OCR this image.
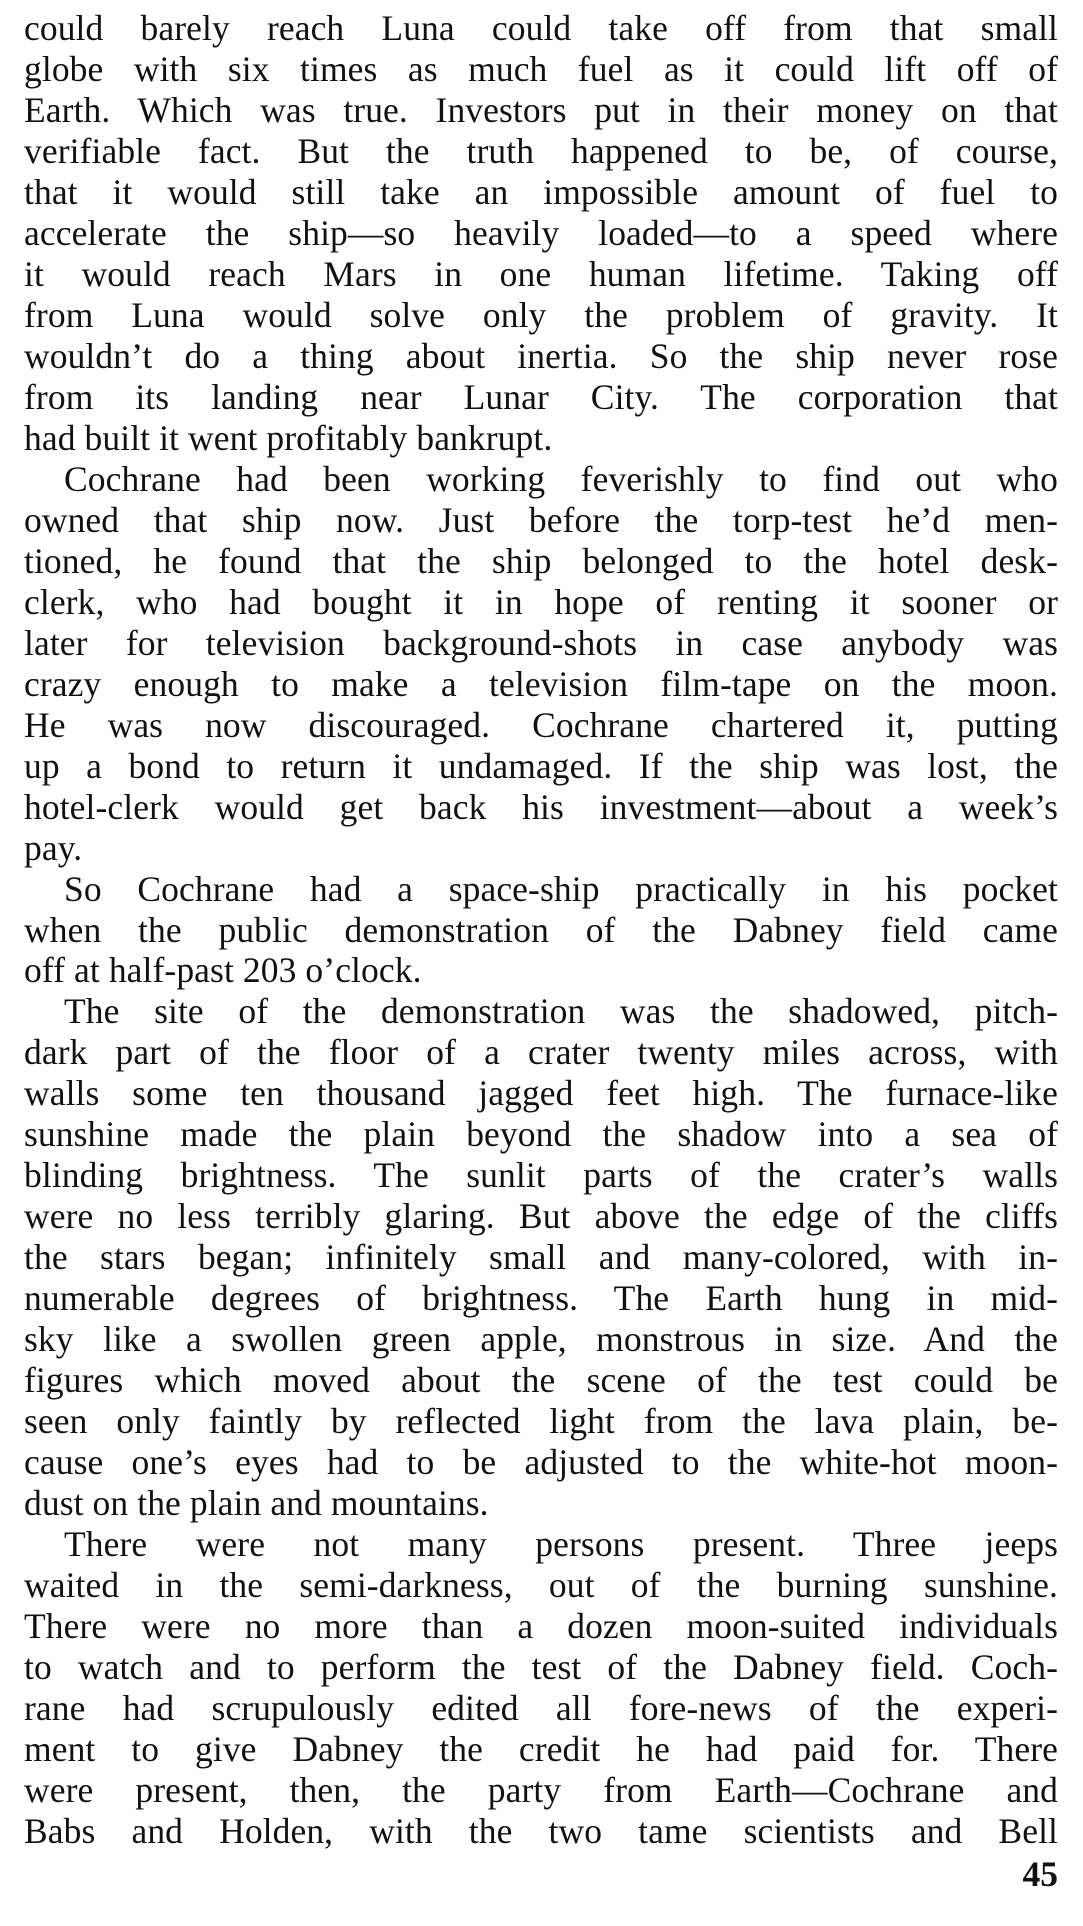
could barely reach Luna could take off from that small
globe with six times as much fuel as it could lift off of
Earth. Which was true. Investors put in their money on that
verifiable fact. But the truth happened to be, of course,
that it would still take an impossible amount of fuel to
accelerate the ship—so heavily loaded—to a speed where
it would reach Mars in one human lifetime. Taking off
from Luna would solve only the problem of gravity. It
wouldn’t do a thing about inertia. So the ship never rose
from its landing near Lunar City. The corporation that
had built it went profitably bankrupt.
Cochrane had been working feverishly to find out who
owned that ship now. Just before the torp-test he’d men-
tioned, he found that the ship belonged to the hotel desk-
clerk, who had bought it in hope of renting it sooner or
later for television background-shots in case anybody was
crazy enough to make a television film-tape on the moon.
He was now discouraged. Cochrane chartered it, putting
up a bond to return it undamaged. If the ship was lost, the
hotel-clerk would get back his investment—about a week’s
pay.
So Cochrane had a space-ship practically in his pocket
when the public demonstration of the Dabney field came
off at half-past 203 o’clock.
The site of the demonstration was the shadowed, pitch-
dark part of the floor of a crater twenty miles across, with
walls some ten thousand jagged feet high. The furnace-like
sunshine made the plain beyond the shadow into a sea of
blinding brightness. The sunlit parts of the crater’s walls
were no less terribly glaring. But above the edge of the cliffs
the stars began; infinitely small and many-colored, with in-
numerable degrees of brightness. The Earth hung in mid-
sky like a swollen green apple, monstrous in size. And the
figures which moved about the scene of the test could be
seen only faintly by reflected light from the lava plain, be-
cause one’s eyes had to be adjusted to the white-hot moon-
dust on the plain and mountains.
There were not many persons present. Three jeeps
waited in the semi-darkness, out of the burning sunshine.
There were no more than a dozen moon-suited individuals
to watch and to perform the test of the Dabney field. Coch-
rane had scrupulously edited all fore-news of the experi-
ment to give Dabney the credit he had paid for. There
were present, then, the party from Earth—Cochrane and
Babs and Holden, with the two tame scientists and Bell
45
